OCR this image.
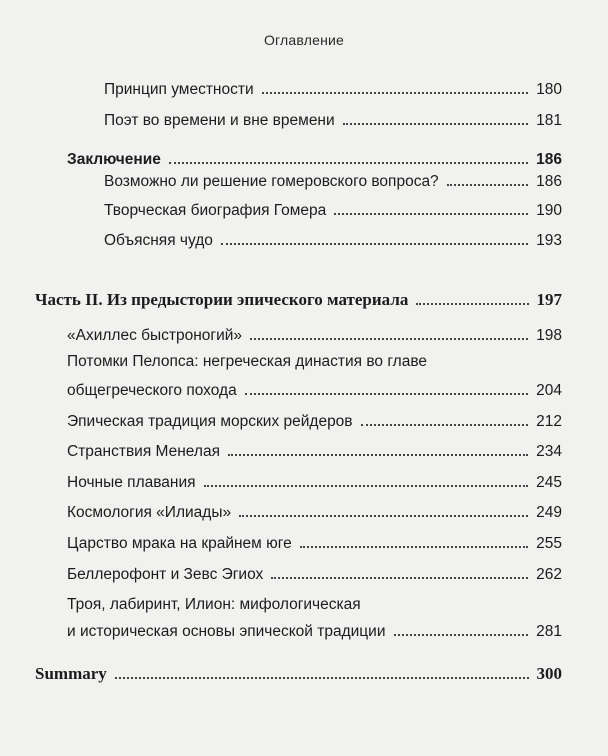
Оглавление
Принцип уместности	180
Поэт во времени и вне времени	181
Заключение	186
Возможно ли решение гомеровского вопроса?	186
Творческая биография Гомера	190
Объясняя чудо	193
Часть II. Из предыстории эпического материала	197
«Ахиллес быстроногий»	198
Потомки Пелопса: негреческая династия во главе
общегреческого похода	204
Эпическая традиция морских рейдеров	212
Странствия Менелая	234
Ночные плавания	245
Космология «Илиады»	249
Царство мрака на крайнем юге	255
Беллерофонт и Зевс Эгиох	262
Троя, лабиринт, Илион: мифологическая
и историческая основы эпической традиции	281
Summary	300
